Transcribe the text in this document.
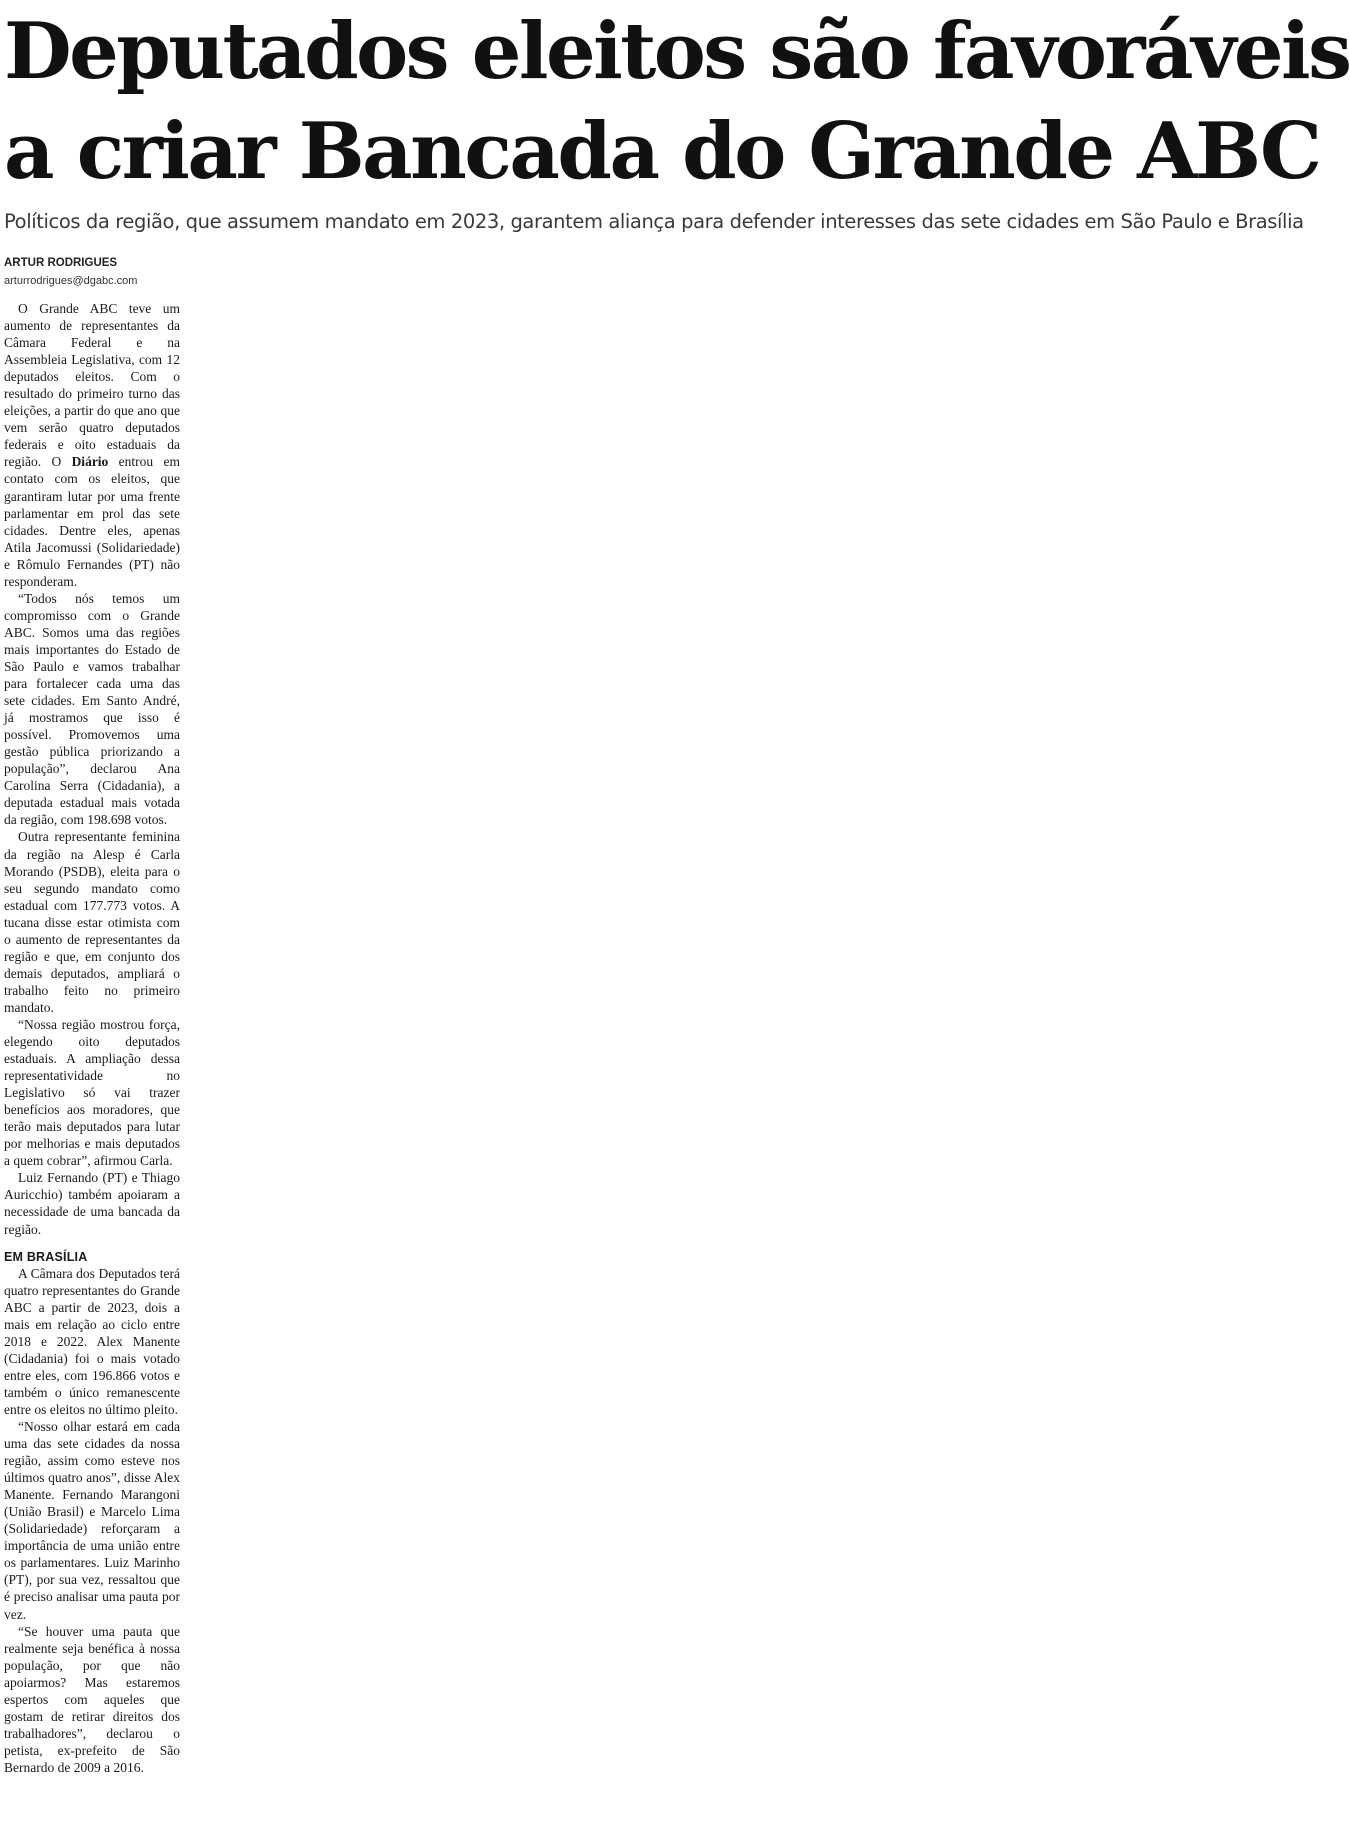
Deputados eleitos são favoráveis
a criar Bancada do Grande ABC

Políticos da região, que assumem mandato em 2023, garantem aliança para defender interesses das sete cidades em São Paulo e Brasília

ARTUR RODRIGUES

arturrodrigues@dgabc.com

O Grande ABC teve um aumento de representantes da Câmara Federal e na Assembleia Legislativa, com 12 deputados eleitos. Com o resultado do primeiro turno das eleições, a partir do que ano que vem serão quatro deputados federais e oito estaduais da região. O Diário entrou em contato com os eleitos, que garantiram lutar por uma frente parlamentar em prol das sete cidades. Dentre eles, apenas Atila Jacomussi (Solidariedade) e Rômulo Fernandes (PT) não responderam.

“Todos nós temos um compromisso com o Grande ABC. Somos uma das regiões mais importantes do Estado de São Paulo e vamos trabalhar para fortalecer cada uma das sete cidades. Em Santo André, já mostramos que isso é possível. Promovemos uma gestão pública priorizando a população”, declarou Ana Carolina Serra (Cidadania), a deputada estadual mais votada da região, com 198.698 votos.

Outra representante feminina da região na Alesp é Carla Morando (PSDB), eleita para o seu segundo mandato como estadual com 177.773 votos. A tucana disse estar otimista com o aumento de representantes da região e que, em conjunto dos demais deputados, ampliará o trabalho feito no primeiro mandato.

“Nossa região mostrou força, elegendo oito deputados estaduais. A ampliação dessa representatividade no Legislativo só vai trazer benefícios aos moradores, que terão mais deputados para lutar por melhorias e mais deputados a quem cobrar”, afirmou Carla.

Luiz Fernando (PT) e Thiago Auricchio) também apoiaram a necessidade de uma bancada da região.

EM BRASÍLIA

A Câmara dos Deputados terá quatro representantes do Grande ABC a partir de 2023, dois a mais em relação ao ciclo entre 2018 e 2022. Alex Manente (Cidadania) foi o mais votado entre eles, com 196.866 votos e também o único remanescente entre os eleitos no último pleito.

“Nosso olhar estará em cada uma das sete cidades da nossa região, assim como esteve nos últimos quatro anos”, disse Alex Manente. Fernando Marangoni (União Brasil) e Marcelo Lima (Solidariedade) reforçaram a importância de uma união entre os parlamentares. Luiz Marinho (PT), por sua vez, ressaltou que é preciso analisar uma pauta por vez.

“Se houver uma pauta que realmente seja benéfica à nossa população, por que não apoiarmos? Mas estaremos espertos com aqueles que gostam de retirar direitos dos trabalhadores”, declarou o petista, ex-prefeito de São Bernardo de 2009 a 2016.
